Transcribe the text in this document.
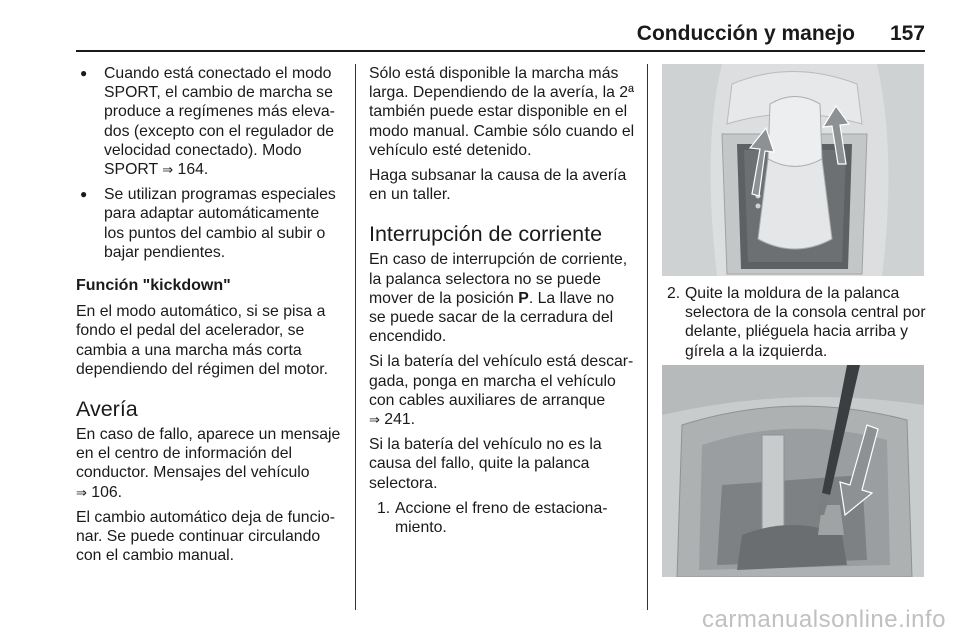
Conducción y manejo 157
● Cuando está conectado el modo SPORT, el cambio de marcha se produce a regímenes más elevados (excepto con el regulador de velocidad conectado). Modo SPORT ⇒ 164.
● Se utilizan programas especiales para adaptar automáticamente los puntos del cambio al subir o bajar pendientes.
Función "kickdown"

En el modo automático, si se pisa a fondo el pedal del acelerador, se cambia a una marcha más corta dependiendo del régimen del motor.

Avería

En caso de fallo, aparece un mensaje en el centro de información del conductor. Mensajes del vehículo
⇒ 106.

El cambio automático deja de funcionar. Se puede continuar circulando con el cambio manual.

Sólo está disponible la marcha más larga. Dependiendo de la avería, la 2ª también puede estar disponible en el modo manual. Cambie sólo cuando el vehículo esté detenido.

Haga subsanar la causa de la avería en un taller.

Interrupción de corriente

En caso de interrupción de corriente, la palanca selectora no se puede mover de la posición P. La llave no se puede sacar de la cerradura del encendido.

Si la batería del vehículo está descargada, ponga en marcha el vehículo con cables auxiliares de arranque
⇒ 241.

Si la batería del vehículo no es la causa del fallo, quite la palanca selectora.

1. Accione el freno de estacionamiento.
2. Quite la moldura de la palanca selectora de la consola central por delante, pliéguela hacia arriba y gírela a la izquierda.
carmanualsonline.info
